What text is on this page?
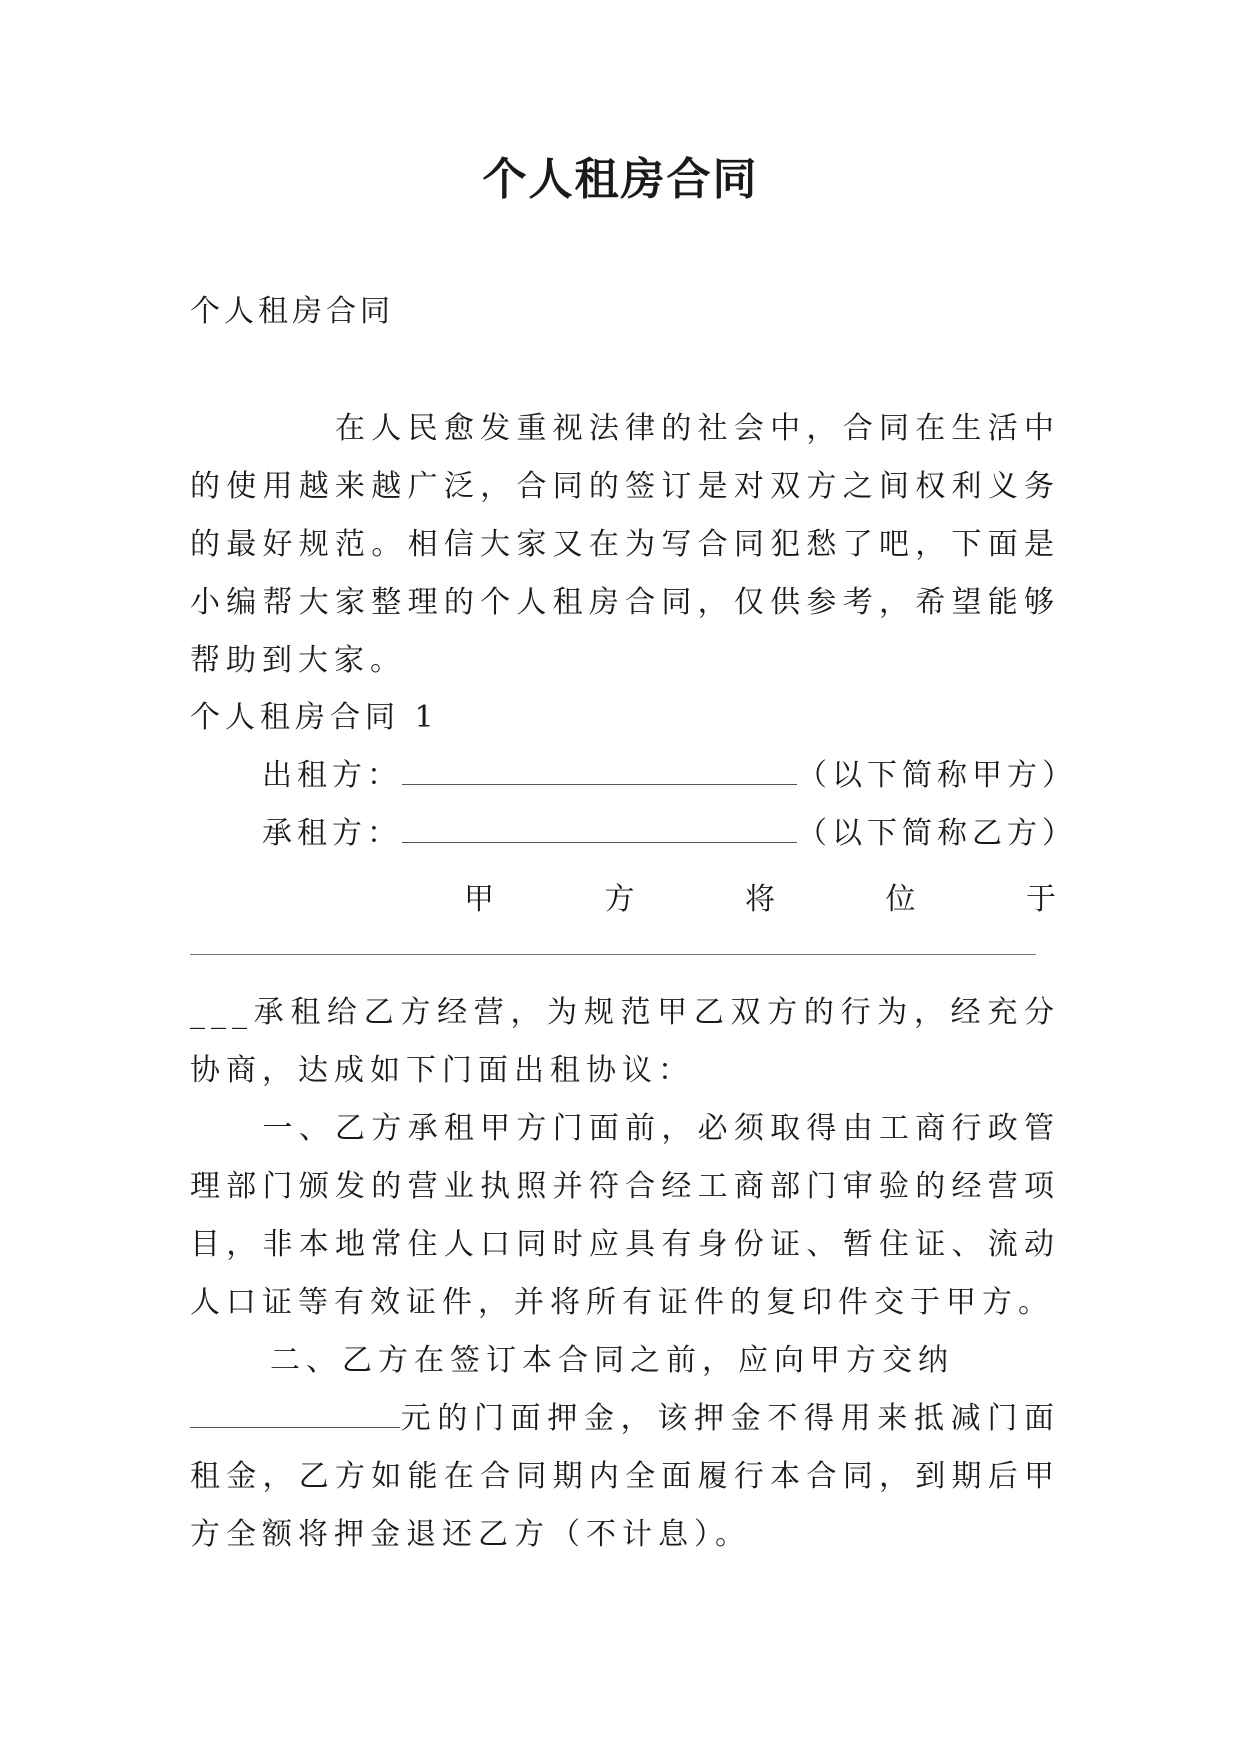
个人租房合同

个人租房合同

　　　　在人民愈发重视法律的社会中，合同在生活中的使用越来越广泛，合同的签订是对双方之间权利义务的最好规范。相信大家又在为写合同犯愁了吧，下面是小编帮大家整理的个人租房合同，仅供参考，希望能够帮助到大家。

个人租房合同 1

出租方：	（以下简称甲方）

承租方：	（以下简称乙方）

甲	方	将	位	于

___承租给乙方经营，为规范甲乙双方的行为，经充分协商，达成如下门面出租协议：

　　一、乙方承租甲方门面前，必须取得由工商行政管理部门颁发的营业执照并符合经工商部门审验的经营项目，非本地常住人口同时应具有身份证、暂住证、流动人口证等有效证件，并将所有证件的复印件交于甲方。

二、乙方在签订本合同之前，应向甲方交纳

元的门面押金，该押金不得用来抵减门面租金，乙方如能在合同期内全面履行本合同，到期后甲方全额将押金退还乙方（不计息）。
